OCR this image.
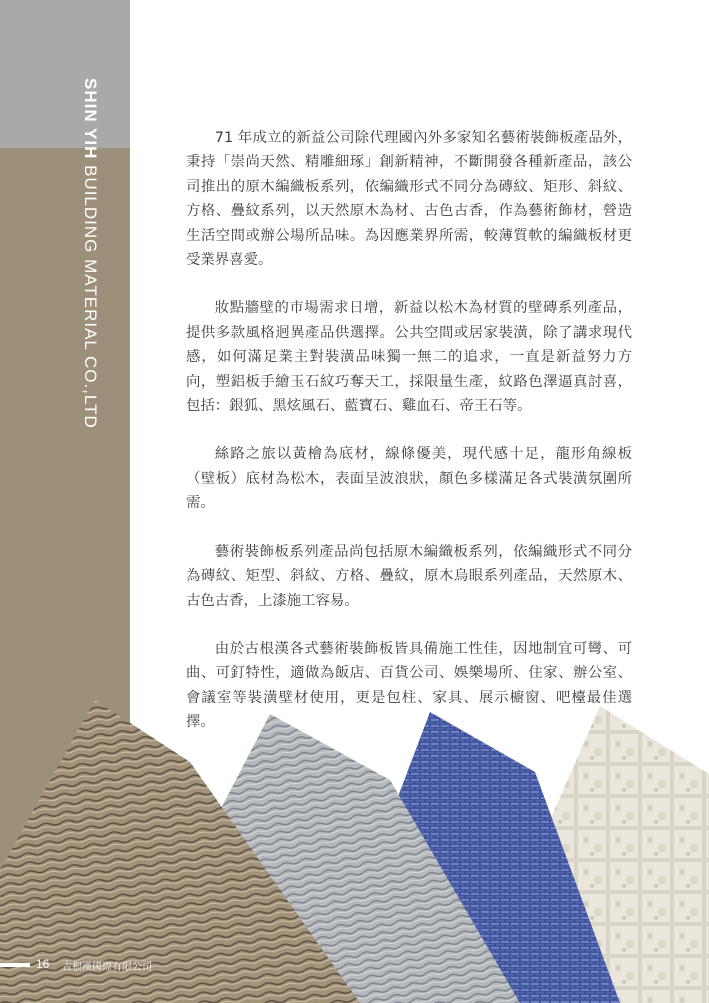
SHIN YIH BUILDING MATERIAL CO.,LTD

71 年成立的新益公司除代理國內外多家知名藝術裝飾板產品外，秉持「崇尚天然、精雕細琢」創新精神，不斷開發各種新產品，該公司推出的原木編織板系列，依編織形式不同分為磚紋、矩形、斜紋、方格、疊紋系列，以天然原木為材、古色古香，作為藝術飾材，營造生活空間或辦公場所品味。為因應業界所需，較薄質軟的編織板材更受業界喜愛。

妝點牆壁的市場需求日增，新益以松木為材質的壁磚系列產品，提供多款風格迥異產品供選擇。公共空間或居家裝潢，除了講求現代感，如何滿足業主對裝潢品味獨一無二的追求，一直是新益努力方向，塑鋁板手繪玉石紋巧奪天工，採限量生產，紋路色澤逼真討喜，包括：銀狐、黑炫風石、藍寶石、雞血石、帝王石等。

絲路之旅以黃檜為底材，線條優美，現代感十足，龍形角線板（壁板）底材為松木，表面呈波浪狀，顏色多樣滿足各式裝潢氛圍所需。

藝術裝飾板系列產品尚包括原木編織板系列，依編織形式不同分為磚紋、矩型、斜紋、方格、疊紋，原木烏眼系列產品，天然原木、古色古香，上漆施工容易。

由於古根漢各式藝術裝飾板皆具備施工性佳，因地制宜可彎、可曲、可釘特性，適做為飯店、百貨公司、娛樂場所、住家、辦公室、會議室等裝潢壁材使用，更是包柱、家具、展示櫥窗、吧檯最佳選擇。

16 古根漢國際有限公司
